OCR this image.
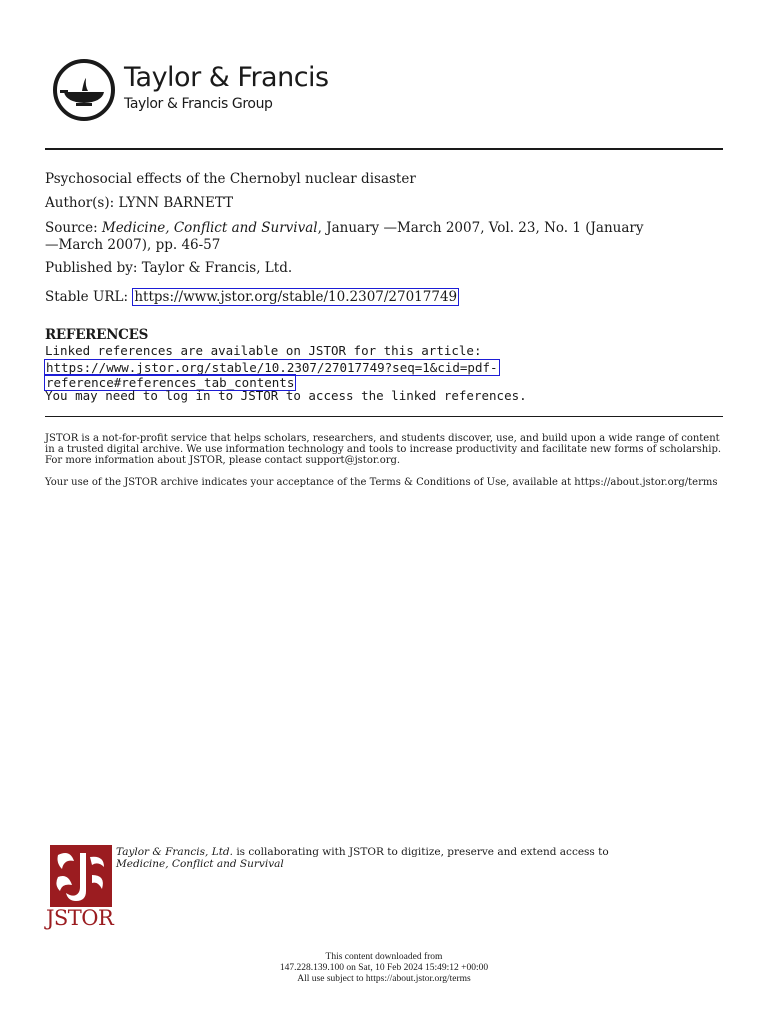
Taylor & Francis
Taylor & Francis Group
Psychosocial effects of the Chernobyl nuclear disaster
Author(s): LYNN BARNETT
Source: Medicine, Conflict and Survival, January —March 2007, Vol. 23, No. 1 (January
—March 2007), pp. 46-57
Published by: Taylor & Francis, Ltd.
Stable URL: https://www.jstor.org/stable/10.2307/27017749
REFERENCES
Linked references are available on JSTOR for this article:
https://www.jstor.org/stable/10.2307/27017749?seq=1&cid=pdf-
reference#references_tab_contents
You may need to log in to JSTOR to access the linked references.
JSTOR is a not-for-profit service that helps scholars, researchers, and students discover, use, and build upon a wide range of content in a trusted digital archive. We use information technology and tools to increase productivity and facilitate new forms of scholarship. For more information about JSTOR, please contact support@jstor.org.
Your use of the JSTOR archive indicates your acceptance of the Terms & Conditions of Use, available at https://about.jstor.org/terms
JSTOR
Taylor & Francis, Ltd. is collaborating with JSTOR to digitize, preserve and extend access to
Medicine, Conflict and Survival
This content downloaded from
147.228.139.100 on Sat, 10 Feb 2024 15:49:12 +00:00
All use subject to https://about.jstor.org/terms
